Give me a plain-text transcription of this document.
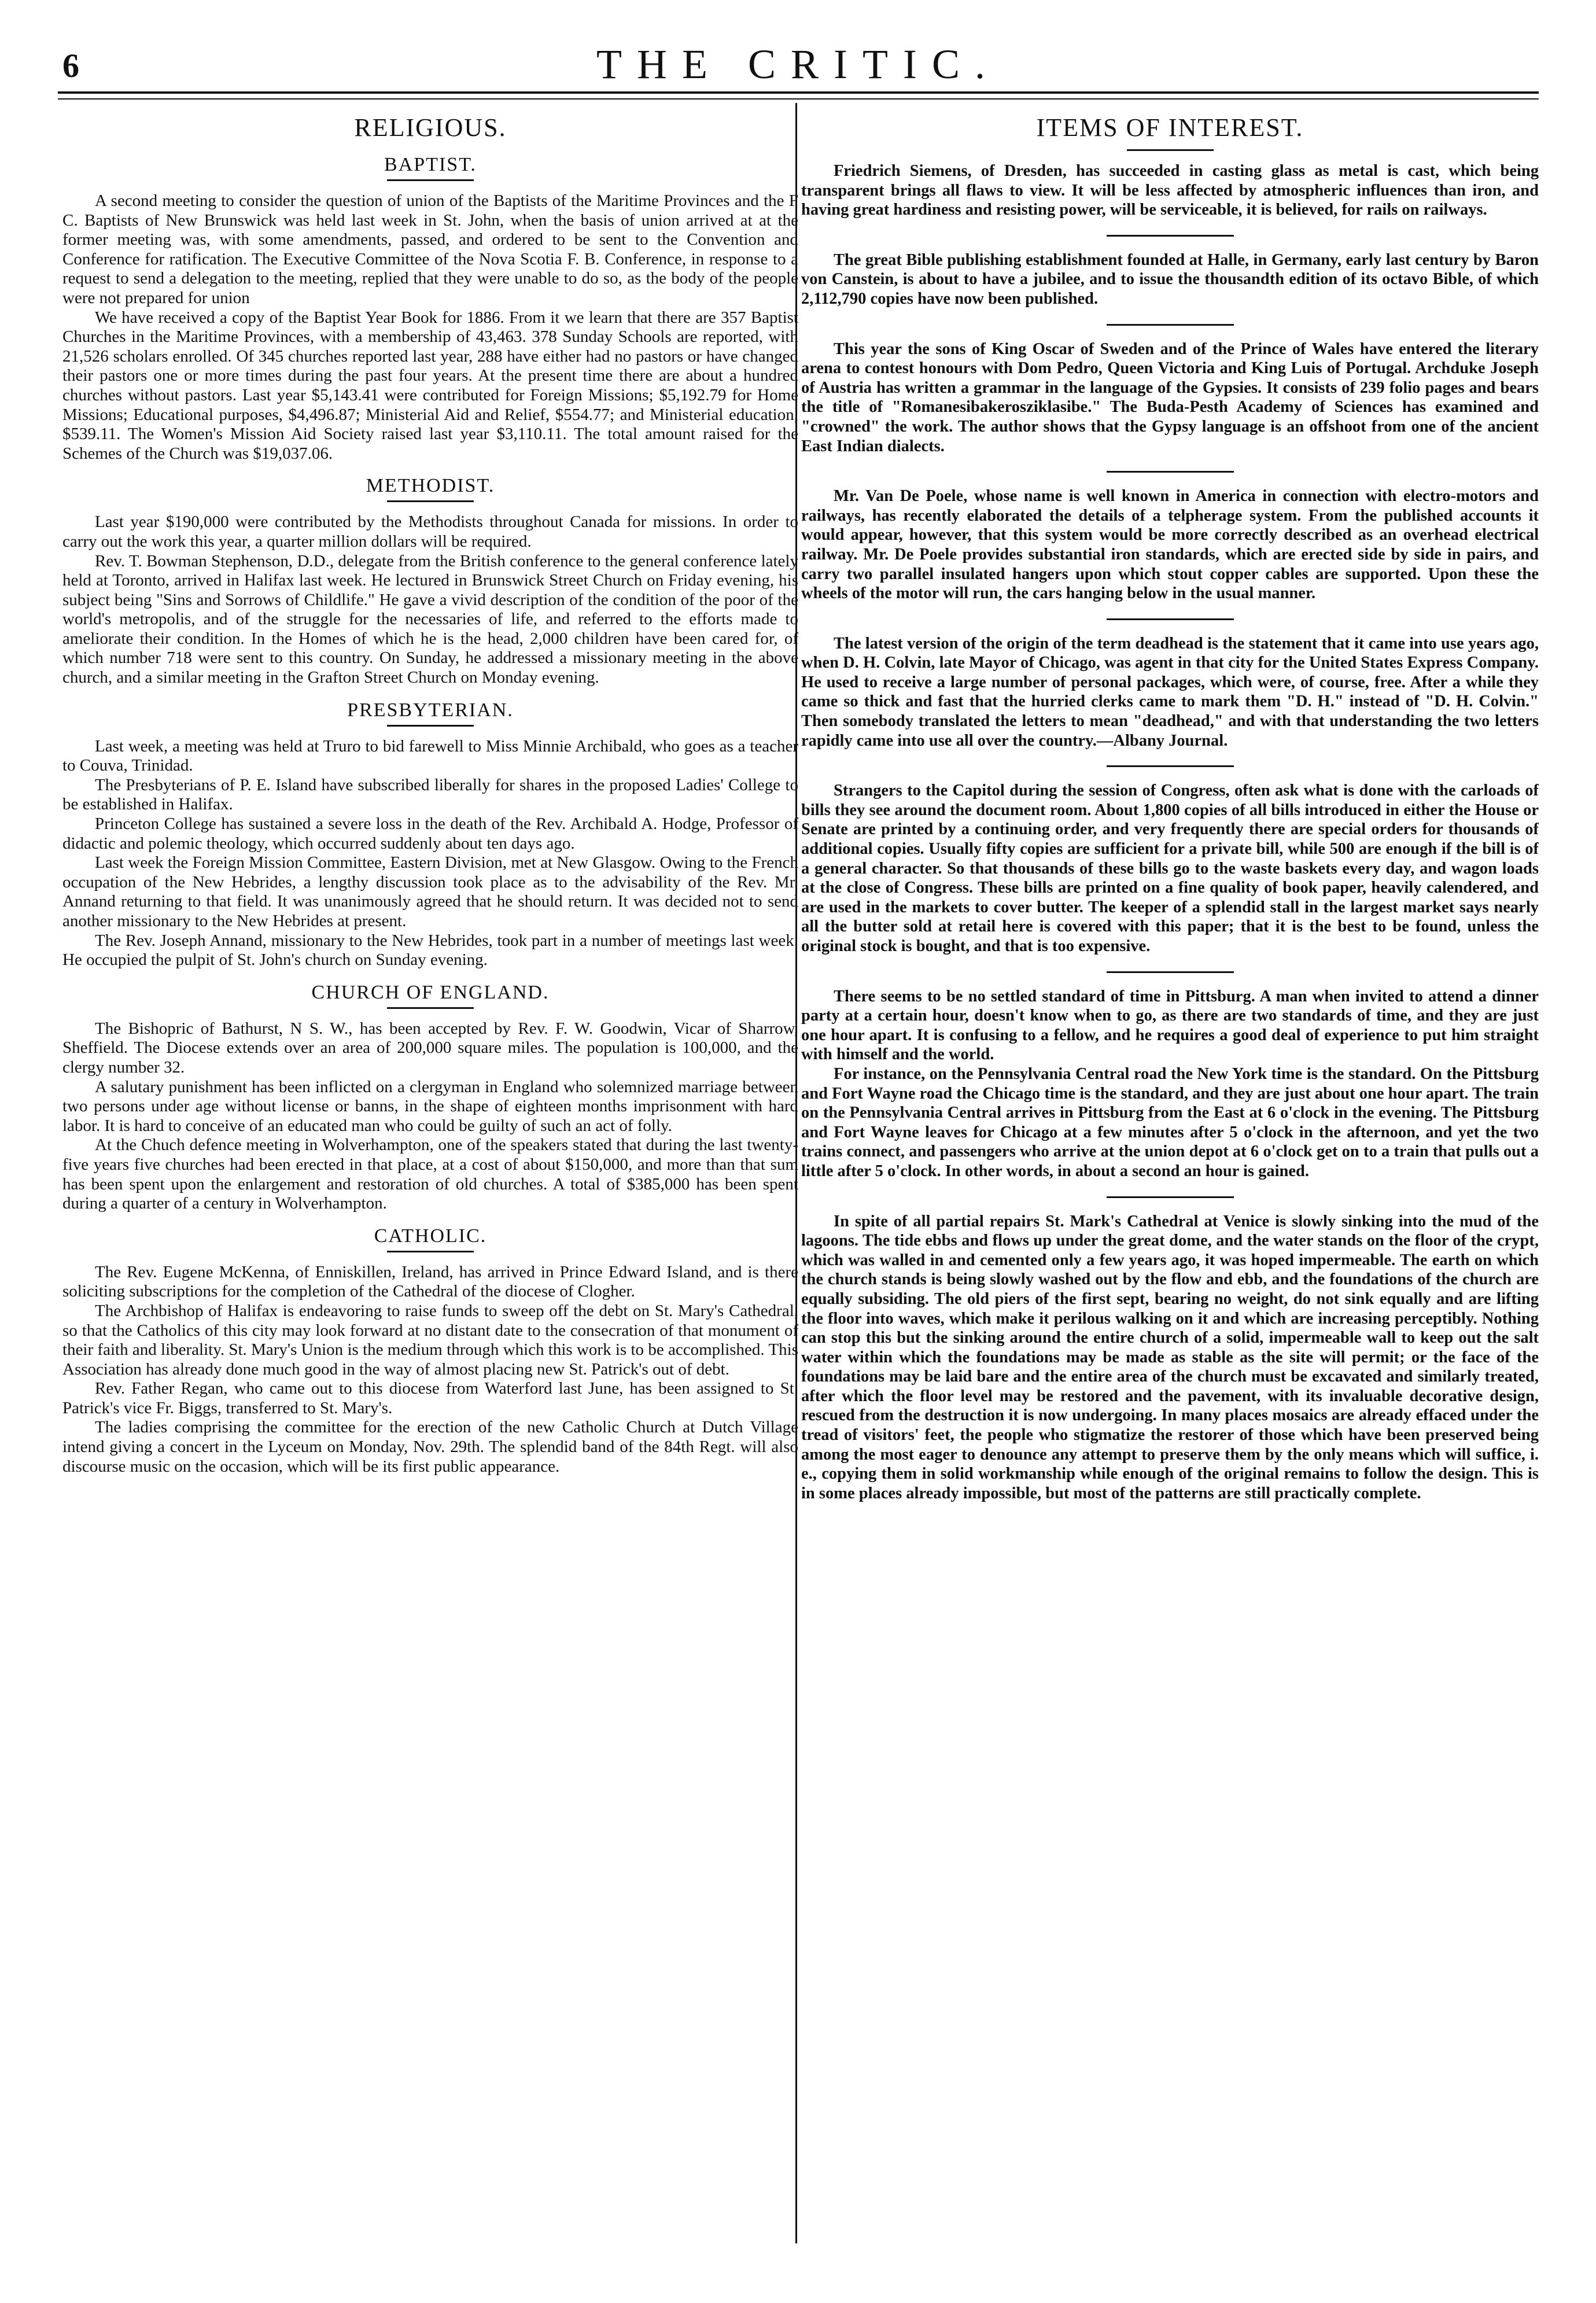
6	THE CRITIC.
RELIGIOUS.
BAPTIST.

A second meeting to consider the question of union of the Baptists of the Maritime Provinces and the F C. Baptists of New Brunswick was held last week in St. John, when the basis of union arrived at at the former meeting was, with some amendments, passed, and ordered to be sent to the Convention and Conference for ratification. The Executive Committee of the Nova Scotia F. B. Conference, in response to a request to send a delegation to the meeting, replied that they were unable to do so, as the body of the people were not prepared for union

We have received a copy of the Baptist Year Book for 1886. From it we learn that there are 357 Baptist Churches in the Maritime Provinces, with a membership of 43,463. 378 Sunday Schools are reported, with 21,526 scholars enrolled. Of 345 churches reported last year, 288 have either had no pastors or have changed their pastors one or more times during the past four years. At the present time there are about a hundred churches without pastors. Last year $5,143.41 were contributed for Foreign Missions; $5,192.79 for Home Missions; Educational purposes, $4,496.87; Ministerial Aid and Relief, $554.77; and Ministerial education, $539.11. The Women's Mission Aid Society raised last year $3,110.11. The total amount raised for the Schemes of the Church was $19,037.06.

METHODIST.

Last year $190,000 were contributed by the Methodists throughout Canada for missions. In order to carry out the work this year, a quarter million dollars will be required.

Rev. T. Bowman Stephenson, D.D., delegate from the British conference to the general conference lately held at Toronto, arrived in Halifax last week. He lectured in Brunswick Street Church on Friday evening, his subject being "Sins and Sorrows of Childlife." He gave a vivid description of the condition of the poor of the world's metropolis, and of the struggle for the necessaries of life, and referred to the efforts made to ameliorate their condition. In the Homes of which he is the head, 2,000 children have been cared for, of which number 718 were sent to this country. On Sunday, he addressed a missionary meeting in the above church, and a similar meeting in the Grafton Street Church on Monday evening.

PRESBYTERIAN.

Last week, a meeting was held at Truro to bid farewell to Miss Minnie Archibald, who goes as a teacher to Couva, Trinidad.

The Presbyterians of P. E. Island have subscribed liberally for shares in the proposed Ladies' College to be established in Halifax.

Princeton College has sustained a severe loss in the death of the Rev. Archibald A. Hodge, Professor of didactic and polemic theology, which occurred suddenly about ten days ago.

Last week the Foreign Mission Committee, Eastern Division, met at New Glasgow. Owing to the French occupation of the New Hebrides, a lengthy discussion took place as to the advisability of the Rev. Mr. Annand returning to that field. It was unanimously agreed that he should return. It was decided not to send another missionary to the New Hebrides at present.

The Rev. Joseph Annand, missionary to the New Hebrides, took part in a number of meetings last week. He occupied the pulpit of St. John's church on Sunday evening.

CHURCH OF ENGLAND.

The Bishopric of Bathurst, N S. W., has been accepted by Rev. F. W. Goodwin, Vicar of Sharrow, Sheffield. The Diocese extends over an area of 200,000 square miles. The population is 100,000, and the clergy number 32.

A salutary punishment has been inflicted on a clergyman in England who solemnized marriage between two persons under age without license or banns, in the shape of eighteen months imprisonment with hard labor. It is hard to conceive of an educated man who could be guilty of such an act of folly.

At the Chuch defence meeting in Wolverhampton, one of the speakers stated that during the last twenty-five years five churches had been erected in that place, at a cost of about $150,000, and more than that sum has been spent upon the enlargement and restoration of old churches. A total of $385,000 has been spent during a quarter of a century in Wolverhampton.

CATHOLIC.

The Rev. Eugene McKenna, of Enniskillen, Ireland, has arrived in Prince Edward Island, and is there soliciting subscriptions for the completion of the Cathedral of the diocese of Clogher.

The Archbishop of Halifax is endeavoring to raise funds to sweep off the debt on St. Mary's Cathedral, so that the Catholics of this city may look forward at no distant date to the consecration of that monument of their faith and liberality. St. Mary's Union is the medium through which this work is to be accomplished. This Association has already done much good in the way of almost placing new St. Patrick's out of debt.

Rev. Father Regan, who came out to this diocese from Waterford last June, has been assigned to St. Patrick's vice Fr. Biggs, transferred to St. Mary's.

The ladies comprising the committee for the erection of the new Catholic Church at Dutch Village intend giving a concert in the Lyceum on Monday, Nov. 29th. The splendid band of the 84th Regt. will also discourse music on the occasion, which will be its first public appearance.

ITEMS OF INTEREST.

Friedrich Siemens, of Dresden, has succeeded in casting glass as metal is cast, which being transparent brings all flaws to view. It will be less affected by atmospheric influences than iron, and having great hardiness and resisting power, will be serviceable, it is believed, for rails on railways.

The great Bible publishing establishment founded at Halle, in Germany, early last century by Baron von Canstein, is about to have a jubilee, and to issue the thousandth edition of its octavo Bible, of which 2,112,790 copies have now been published.

This year the sons of King Oscar of Sweden and of the Prince of Wales have entered the literary arena to contest honours with Dom Pedro, Queen Victoria and King Luis of Portugal. Archduke Joseph of Austria has written a grammar in the language of the Gypsies. It consists of 239 folio pages and bears the title of "Romanesibakerosziklasibe." The Buda-Pesth Academy of Sciences has examined and "crowned" the work. The author shows that the Gypsy language is an offshoot from one of the ancient East Indian dialects.

Mr. Van De Poele, whose name is well known in America in connection with electro-motors and railways, has recently elaborated the details of a telpherage system. From the published accounts it would appear, however, that this system would be more correctly described as an overhead electrical railway. Mr. De Poele provides substantial iron standards, which are erected side by side in pairs, and carry two parallel insulated hangers upon which stout copper cables are supported. Upon these the wheels of the motor will run, the cars hanging below in the usual manner.

The latest version of the origin of the term deadhead is the statement that it came into use years ago, when D. H. Colvin, late Mayor of Chicago, was agent in that city for the United States Express Company. He used to receive a large number of personal packages, which were, of course, free. After a while they came so thick and fast that the hurried clerks came to mark them "D. H." instead of "D. H. Colvin." Then somebody translated the letters to mean "deadhead," and with that understanding the two letters rapidly came into use all over the country.—Albany Journal.

Strangers to the Capitol during the session of Congress, often ask what is done with the carloads of bills they see around the document room. About 1,800 copies of all bills introduced in either the House or Senate are printed by a continuing order, and very frequently there are special orders for thousands of additional copies. Usually fifty copies are sufficient for a private bill, while 500 are enough if the bill is of a general character. So that thousands of these bills go to the waste baskets every day, and wagon loads at the close of Congress. These bills are printed on a fine quality of book paper, heavily calendered, and are used in the markets to cover butter. The keeper of a splendid stall in the largest market says nearly all the butter sold at retail here is covered with this paper; that it is the best to be found, unless the original stock is bought, and that is too expensive.

There seems to be no settled standard of time in Pittsburg. A man when invited to attend a dinner party at a certain hour, doesn't know when to go, as there are two standards of time, and they are just one hour apart. It is confusing to a fellow, and he requires a good deal of experience to put him straight with himself and the world.

For instance, on the Pennsylvania Central road the New York time is the standard. On the Pittsburg and Fort Wayne road the Chicago time is the standard, and they are just about one hour apart. The train on the Pennsylvania Central arrives in Pittsburg from the East at 6 o'clock in the evening. The Pittsburg and Fort Wayne leaves for Chicago at a few minutes after 5 o'clock in the afternoon, and yet the two trains connect, and passengers who arrive at the union depot at 6 o'clock get on to a train that pulls out a little after 5 o'clock. In other words, in about a second an hour is gained.

In spite of all partial repairs St. Mark's Cathedral at Venice is slowly sinking into the mud of the lagoons. The tide ebbs and flows up under the great dome, and the water stands on the floor of the crypt, which was walled in and cemented only a few years ago, it was hoped impermeable. The earth on which the church stands is being slowly washed out by the flow and ebb, and the foundations of the church are equally subsiding. The old piers of the first sept, bearing no weight, do not sink equally and are lifting the floor into waves, which make it perilous walking on it and which are increasing perceptibly. Nothing can stop this but the sinking around the entire church of a solid, impermeable wall to keep out the salt water within which the foundations may be made as stable as the site will permit; or the face of the foundations may be laid bare and the entire area of the church must be excavated and similarly treated, after which the floor level may be restored and the pavement, with its invaluable decorative design, rescued from the destruction it is now undergoing. In many places mosaics are already effaced under the tread of visitors' feet, the people who stigmatize the restorer of those which have been preserved being among the most eager to denounce any attempt to preserve them by the only means which will suffice, i. e., copying them in solid workmanship while enough of the original remains to follow the design. This is in some places already impossible, but most of the patterns are still practically complete.
